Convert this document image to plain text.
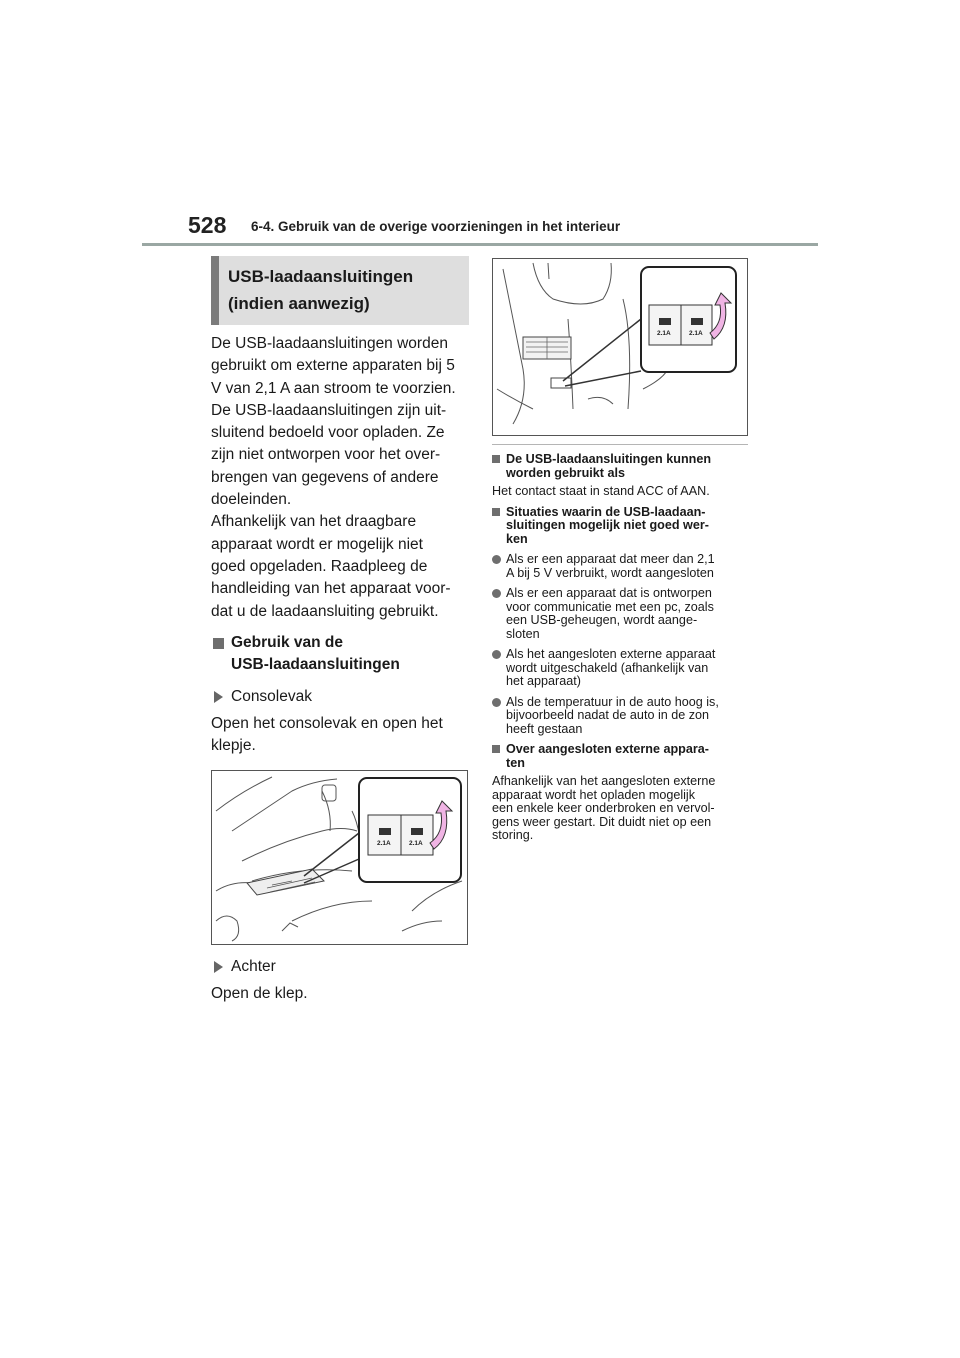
528 6-4. Gebruik van de overige voorzieningen in het interieur
USB-laadaansluitingen
(indien aanwezig)

De USB-laadaansluitingen worden
gebruikt om externe apparaten bij 5
V van 2,1 A aan stroom te voorzien.
De USB-laadaansluitingen zijn uit-
sluitend bedoeld voor opladen. Ze
zijn niet ontworpen voor het over-
brengen van gegevens of andere
doeleinden.
Afhankelijk van het draagbare
apparaat wordt er mogelijk niet
goed opgeladen. Raadpleeg de
handleiding van het apparaat voor-
dat u de laadaansluiting gebruikt.

Gebruik van de
USB-laadaansluitingen
Consolevak

Open het consolevak en open het
klepje.

2.1A	2.1A
Achter

Open de klep.

2.1A	2.1A
De USB-laadaansluitingen kunnen
worden gebruikt als
Het contact staat in stand ACC of AAN.
Situaties waarin de USB-laadaan-
sluitingen mogelijk niet goed wer-
ken
Als er een apparaat dat meer dan 2,1
A bij 5 V verbruikt, wordt aangesloten
Als er een apparaat dat is ontworpen
voor communicatie met een pc, zoals
een USB-geheugen, wordt aange-
sloten
Als het aangesloten externe apparaat
wordt uitgeschakeld (afhankelijk van
het apparaat)
Als de temperatuur in de auto hoog is,
bijvoorbeeld nadat de auto in de zon
heeft gestaan
Over aangesloten externe appara-
ten
Afhankelijk van het aangesloten externe
apparaat wordt het opladen mogelijk
een enkele keer onderbroken en vervol-
gens weer gestart. Dit duidt niet op een
storing.
